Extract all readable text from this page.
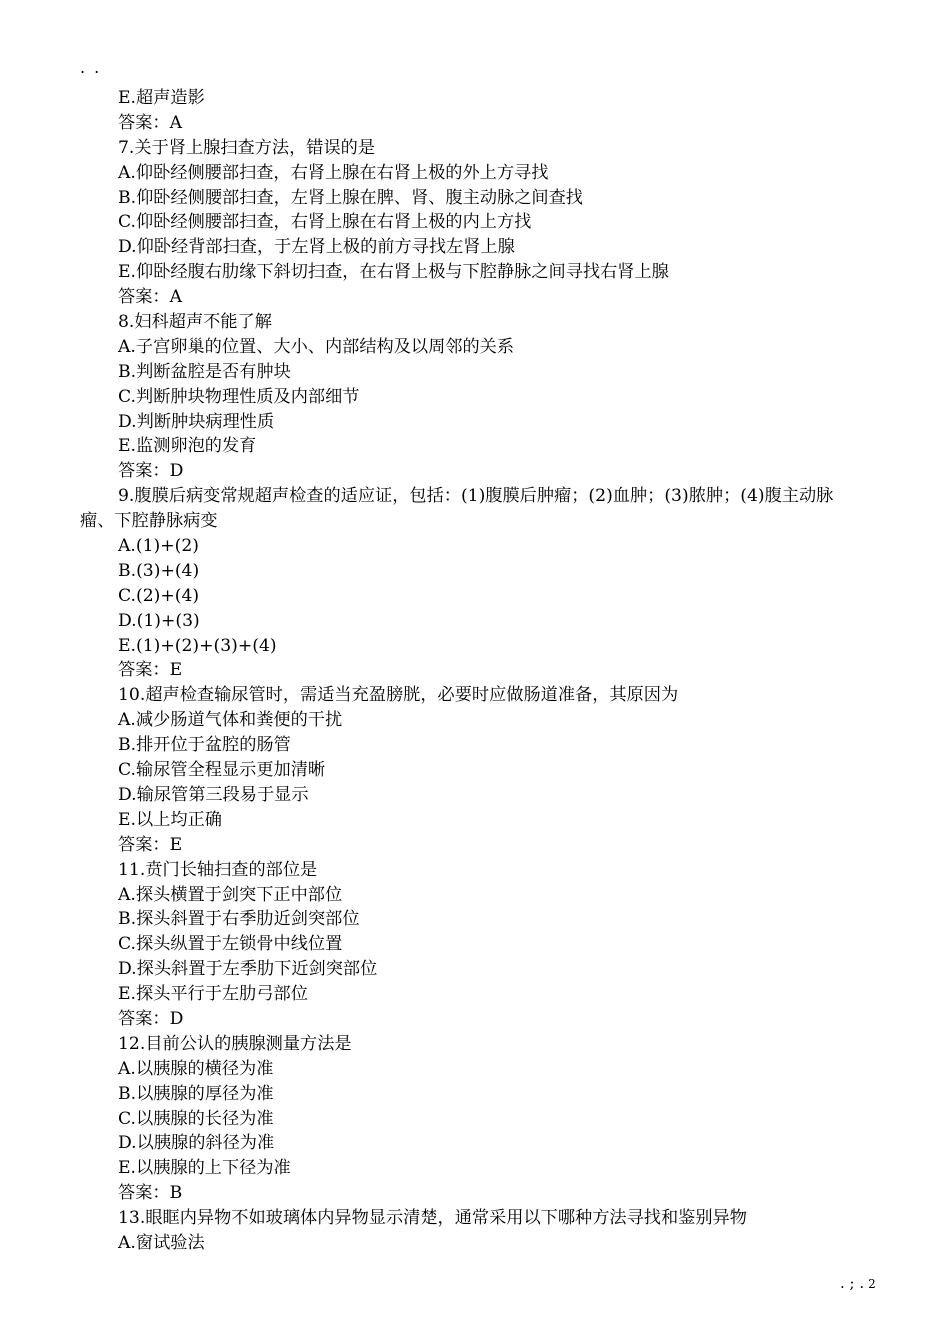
. .
E.超声造影
答案：A
7.关于肾上腺扫查方法，错误的是
A.仰卧经侧腰部扫查，右肾上腺在右肾上极的外上方寻找
B.仰卧经侧腰部扫查，左肾上腺在脾、肾、腹主动脉之间查找
C.仰卧经侧腰部扫查，右肾上腺在右肾上极的内上方找
D.仰卧经背部扫查，于左肾上极的前方寻找左肾上腺
E.仰卧经腹右肋缘下斜切扫查，在右肾上极与下腔静脉之间寻找右肾上腺
答案：A
8.妇科超声不能了解
A.子宫卵巢的位置、大小、内部结构及以周邻的关系
B.判断盆腔是否有肿块
C.判断肿块物理性质及内部细节
D.判断肿块病理性质
E.监测卵泡的发育
答案：D
9.腹膜后病变常规超声检查的适应证，包括：(1)腹膜后肿瘤；(2)血肿；(3)脓肿；(4)腹主动脉
瘤、下腔静脉病变
A.(1)+(2)
B.(3)+(4)
C.(2)+(4)
D.(1)+(3)
E.(1)+(2)+(3)+(4)
答案：E
10.超声检查输尿管时，需适当充盈膀胱，必要时应做肠道准备，其原因为
A.减少肠道气体和粪便的干扰
B.排开位于盆腔的肠管
C.输尿管全程显示更加清晰
D.输尿管第三段易于显示
E.以上均正确
答案：E
11.贲门长轴扫查的部位是
A.探头横置于剑突下正中部位
B.探头斜置于右季肋近剑突部位
C.探头纵置于左锁骨中线位置
D.探头斜置于左季肋下近剑突部位
E.探头平行于左肋弓部位
答案：D
12.目前公认的胰腺测量方法是
A.以胰腺的横径为准
B.以胰腺的厚径为准
C.以胰腺的长径为准
D.以胰腺的斜径为准
E.以胰腺的上下径为准
答案：B
13.眼眶内异物不如玻璃体内异物显示清楚，通常采用以下哪种方法寻找和鉴别异物
A.窗试验法
. ; . 2
